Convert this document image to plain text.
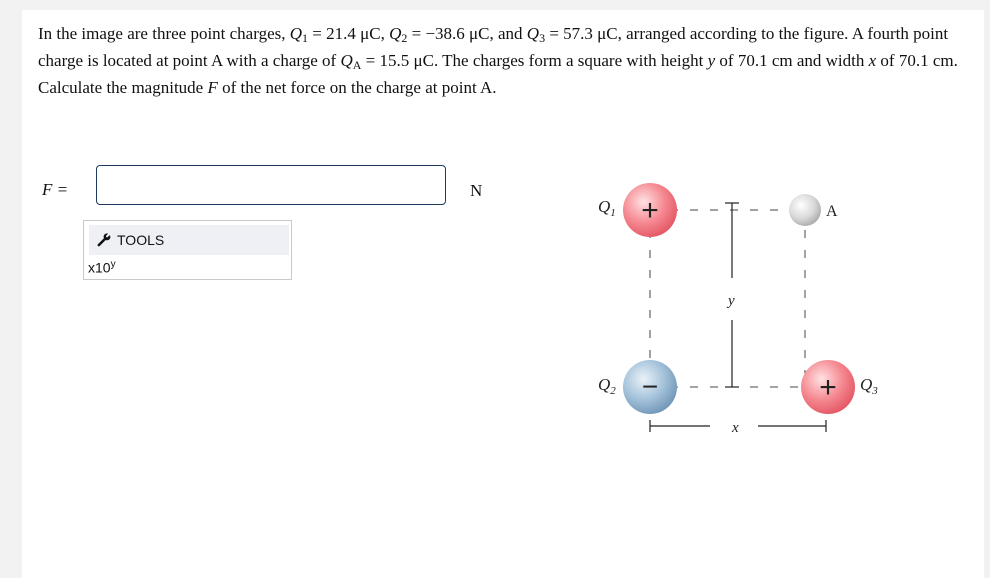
In the image are three point charges, $Q_1 = 21.4$ μC, $Q_2 = -38.6$ μC, and $Q_3 = 57.3$ μC, arranged according to the figure. A fourth point charge is located at point A with a charge of $Q_A = 15.5$ μC. The charges form a square with height y of 70.1 cm and width x of 70.1 cm. Calculate the magnitude F of the net force on the charge at point A.
F =	N
TOOLS
x10$^y$
y
x
+
$Q_1$	A
−
$Q_2$	+ $Q_3$
